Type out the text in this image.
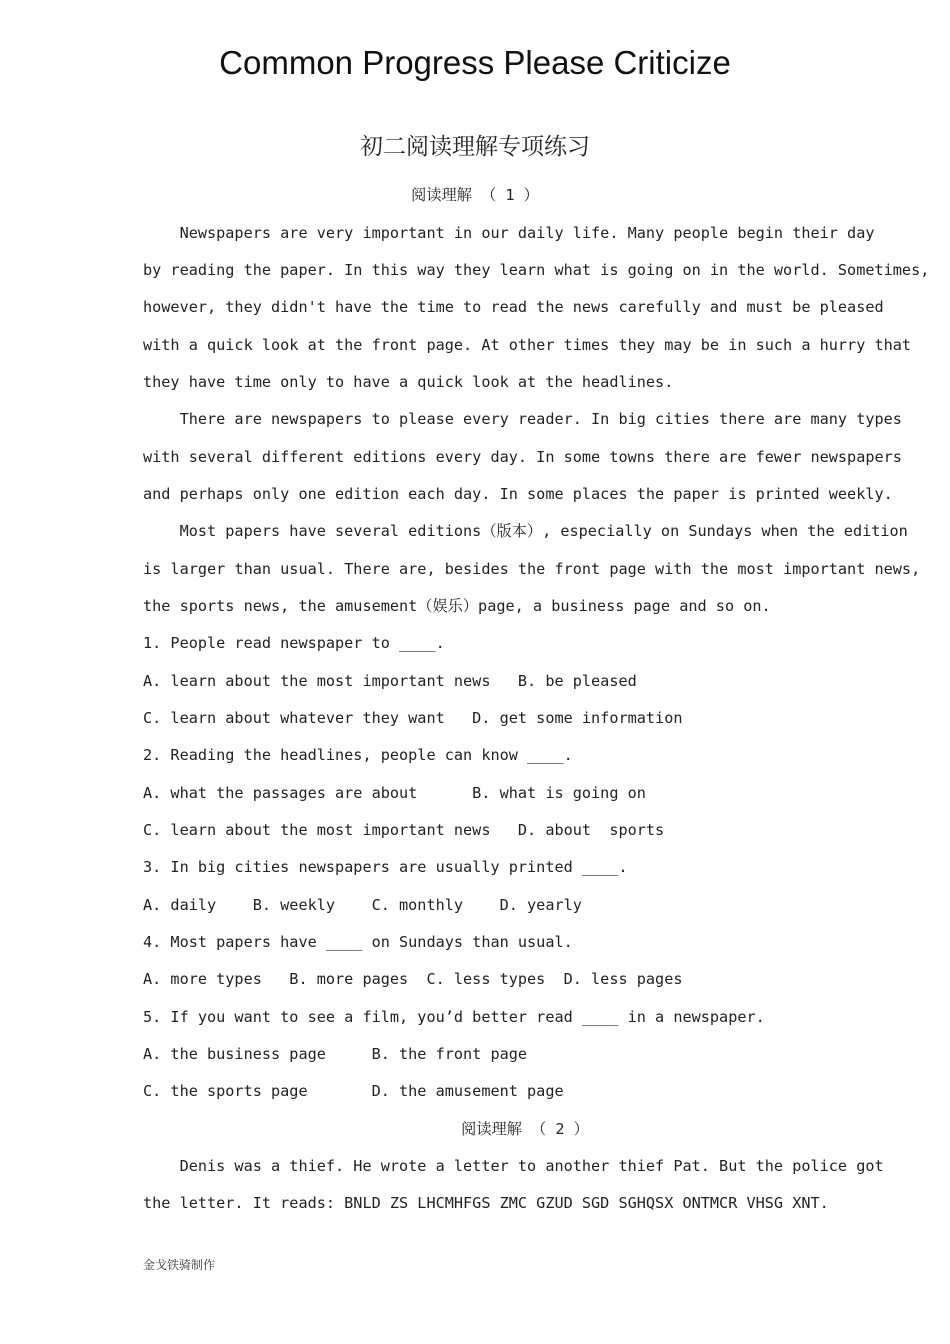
Common Progress Please Criticize
初二阅读理解专项练习
阅读理解 （ 1 ）
Newspapers are very important in our daily life. Many people begin their day
by reading the paper. In this way they learn what is going on in the world. Sometimes,
however, they didn't have the time to read the news carefully and must be pleased
with a quick look at the front page. At other times they may be in such a hurry that
they have time only to have a quick look at the headlines.
There are newspapers to please every reader. In big cities there are many types
with several different editions every day. In some towns there are fewer newspapers
and perhaps only one edition each day. In some places the paper is printed weekly.
Most papers have several editions（版本）, especially on Sundays when the edition
is larger than usual. There are, besides the front page with the most important news,
the sports news, the amusement（娱乐）page, a business page and so on.
1. People read newspaper to ____.
A. learn about the most important news   B. be pleased
C. learn about whatever they want   D. get some information
2. Reading the headlines, people can know ____.
A. what the passages are about      B. what is going on
C. learn about the most important news   D. about  sports
3. In big cities newspapers are usually printed ____.
A. daily    B. weekly    C. monthly    D. yearly
4. Most papers have ____ on Sundays than usual.
A. more types   B. more pages  C. less types  D. less pages
5. If you want to see a film, you’d better read ____ in a newspaper.
A. the business page     B. the front page
C. the sports page       D. the amusement page
阅读理解 （ 2 ）
Denis was a thief. He wrote a letter to another thief Pat. But the police got
the letter. It reads: BNLD ZS LHCMHFGS ZMC GZUD SGD SGHQSX ONTMCR VHSG XNT.
金戈铁骑制作
